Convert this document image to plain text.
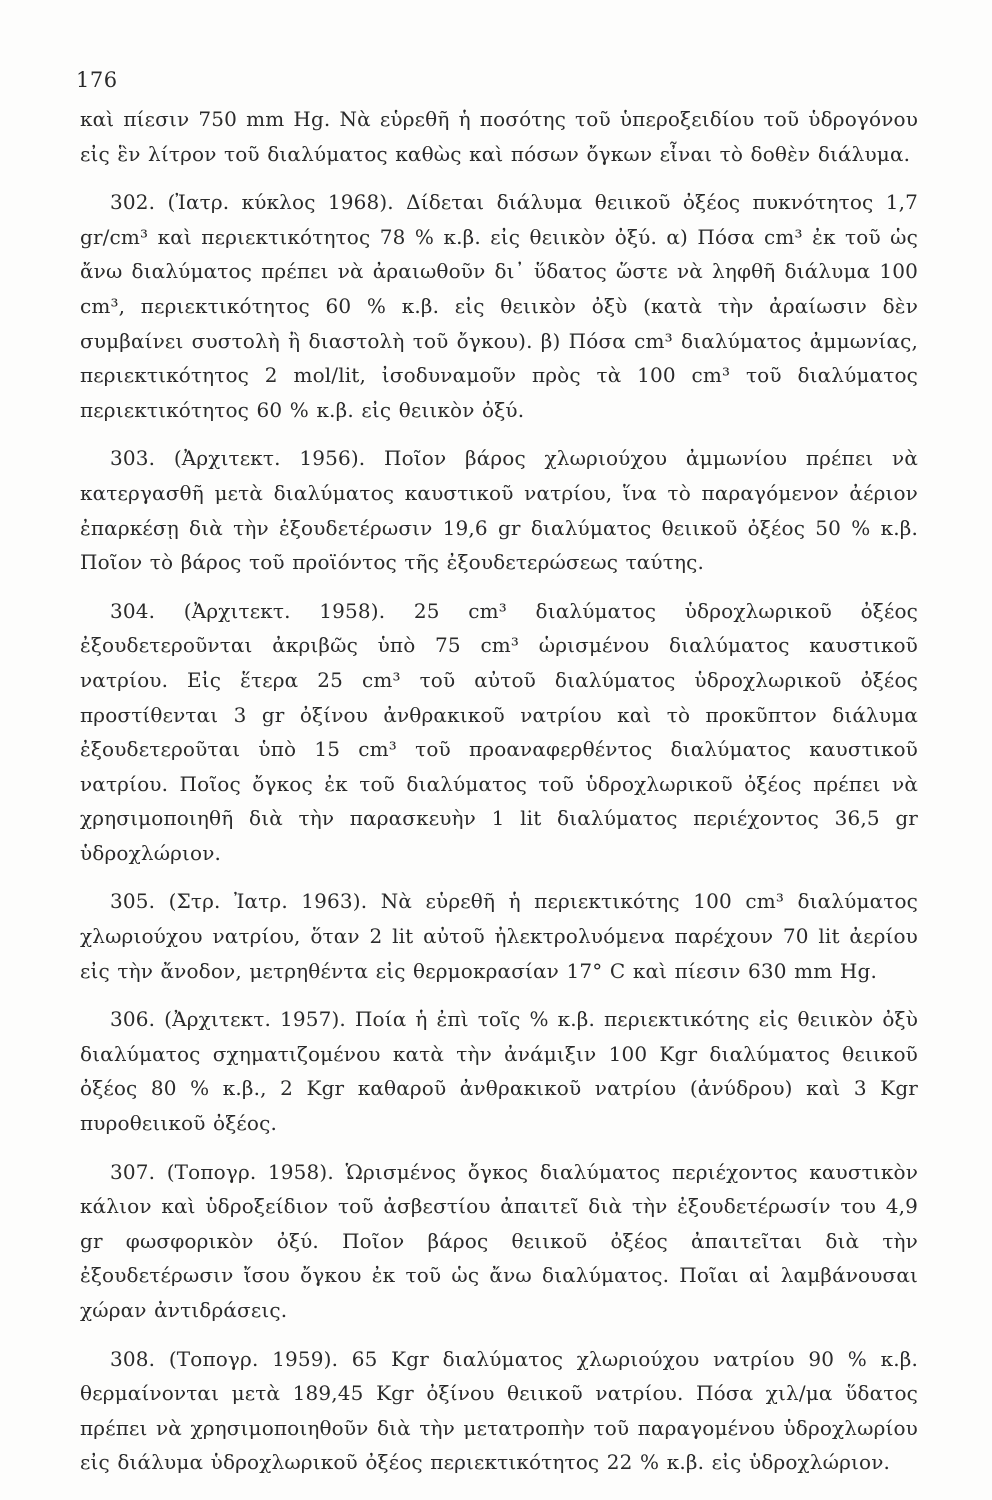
176

καὶ πίεσιν 750 mm Hg. Νὰ εὑρεθῆ ἡ ποσότης τοῦ ὑπεροξειδίου τοῦ ὑδρογόνου εἰς ἓν λίτρον τοῦ διαλύματος καθὼς καὶ πόσων ὄγκων εἶναι τὸ δοθὲν διάλυμα.

302. (Ἰατρ. κύκλος 1968). Δίδεται διάλυμα θειικοῦ ὀξέος πυκνότητος 1,7 gr/cm³ καὶ περιεκτικότητος 78 % κ.β. εἰς θειικὸν ὀξύ. α) Πόσα cm³ ἐκ τοῦ ὡς ἄνω διαλύματος πρέπει νὰ ἀραιωθοῦν δι᾽ ὕδατος ὥστε νὰ ληφθῆ διάλυμα 100 cm³, περιεκτικότητος 60 % κ.β. εἰς θειικὸν ὀξὺ (κατὰ τὴν ἀραίωσιν δὲν συμβαίνει συστολὴ ἢ διαστολὴ τοῦ ὄγκου). β) Πόσα cm³ διαλύματος ἀμμωνίας, περιεκτικότητος 2 mol/lit, ἰσοδυναμοῦν πρὸς τὰ 100 cm³ τοῦ διαλύματος περιεκτικότητος 60 % κ.β. εἰς θειικὸν ὀξύ.

303. (Ἀρχιτεκτ. 1956). Ποῖον βάρος χλωριούχου ἀμμωνίου πρέπει νὰ κατεργασθῆ μετὰ διαλύματος καυστικοῦ νατρίου, ἵνα τὸ παραγόμενον ἀέριον ἐπαρκέσῃ διὰ τὴν ἐξουδετέρωσιν 19,6 gr διαλύματος θειικοῦ ὀξέος 50 % κ.β. Ποῖον τὸ βάρος τοῦ προϊόντος τῆς ἐξουδετερώσεως ταύτης.

304. (Ἀρχιτεκτ. 1958). 25 cm³ διαλύματος ὑδροχλωρικοῦ ὀξέος ἐξουδετεροῦνται ἀκριβῶς ὑπὸ 75 cm³ ὡρισμένου διαλύματος καυστικοῦ νατρίου. Εἰς ἕτερα 25 cm³ τοῦ αὐτοῦ διαλύματος ὑδροχλωρικοῦ ὀξέος προστίθενται 3 gr ὀξίνου ἀνθρακικοῦ νατρίου καὶ τὸ προκῦπτον διάλυμα ἐξουδετεροῦται ὑπὸ 15 cm³ τοῦ προαναφερθέντος διαλύματος καυστικοῦ νατρίου. Ποῖος ὄγκος ἐκ τοῦ διαλύματος τοῦ ὑδροχλωρικοῦ ὀξέος πρέπει νὰ χρησιμοποιηθῆ διὰ τὴν παρασκευὴν 1 lit διαλύματος περιέχοντος 36,5 gr ὑδροχλώριον.

305. (Στρ. Ἰατρ. 1963). Νὰ εὑρεθῆ ἡ περιεκτικότης 100 cm³ διαλύματος χλωριούχου νατρίου, ὅταν 2 lit αὐτοῦ ἠλεκτρολυόμενα παρέχουν 70 lit ἀερίου εἰς τὴν ἄνοδον, μετρηθέντα εἰς θερμοκρασίαν 17° C καὶ πίεσιν 630 mm Hg.

306. (Ἀρχιτεκτ. 1957). Ποία ἡ ἐπὶ τοῖς % κ.β. περιεκτικότης εἰς θειικὸν ὀξὺ διαλύματος σχηματιζομένου κατὰ τὴν ἀνάμιξιν 100 Kgr διαλύματος θειικοῦ ὀξέος 80 % κ.β., 2 Kgr καθαροῦ ἀνθρακικοῦ νατρίου (ἀνύδρου) καὶ 3 Kgr πυροθειικοῦ ὀξέος.

307. (Τοπογρ. 1958). Ὡρισμένος ὄγκος διαλύματος περιέχοντος καυστικὸν κάλιον καὶ ὑδροξείδιον τοῦ ἀσβεστίου ἀπαιτεῖ διὰ τὴν ἐξουδετέρωσίν του 4,9 gr φωσφορικὸν ὀξύ. Ποῖον βάρος θειικοῦ ὀξέος ἀπαιτεῖται διὰ τὴν ἐξουδετέρωσιν ἴσου ὄγκου ἐκ τοῦ ὡς ἄνω διαλύματος. Ποῖαι αἱ λαμβάνουσαι χώραν ἀντιδράσεις.

308. (Τοπογρ. 1959). 65 Kgr διαλύματος χλωριούχου νατρίου 90 % κ.β. θερμαίνονται μετὰ 189,45 Kgr ὀξίνου θειικοῦ νατρίου. Πόσα χιλ/μα ὕδατος πρέπει νὰ χρησιμοποιηθοῦν διὰ τὴν μετατροπὴν τοῦ παραγομένου ὑδροχλωρίου εἰς διάλυμα ὑδροχλωρικοῦ ὀξέος περιεκτικότητος 22 % κ.β. εἰς ὑδροχλώριον.
